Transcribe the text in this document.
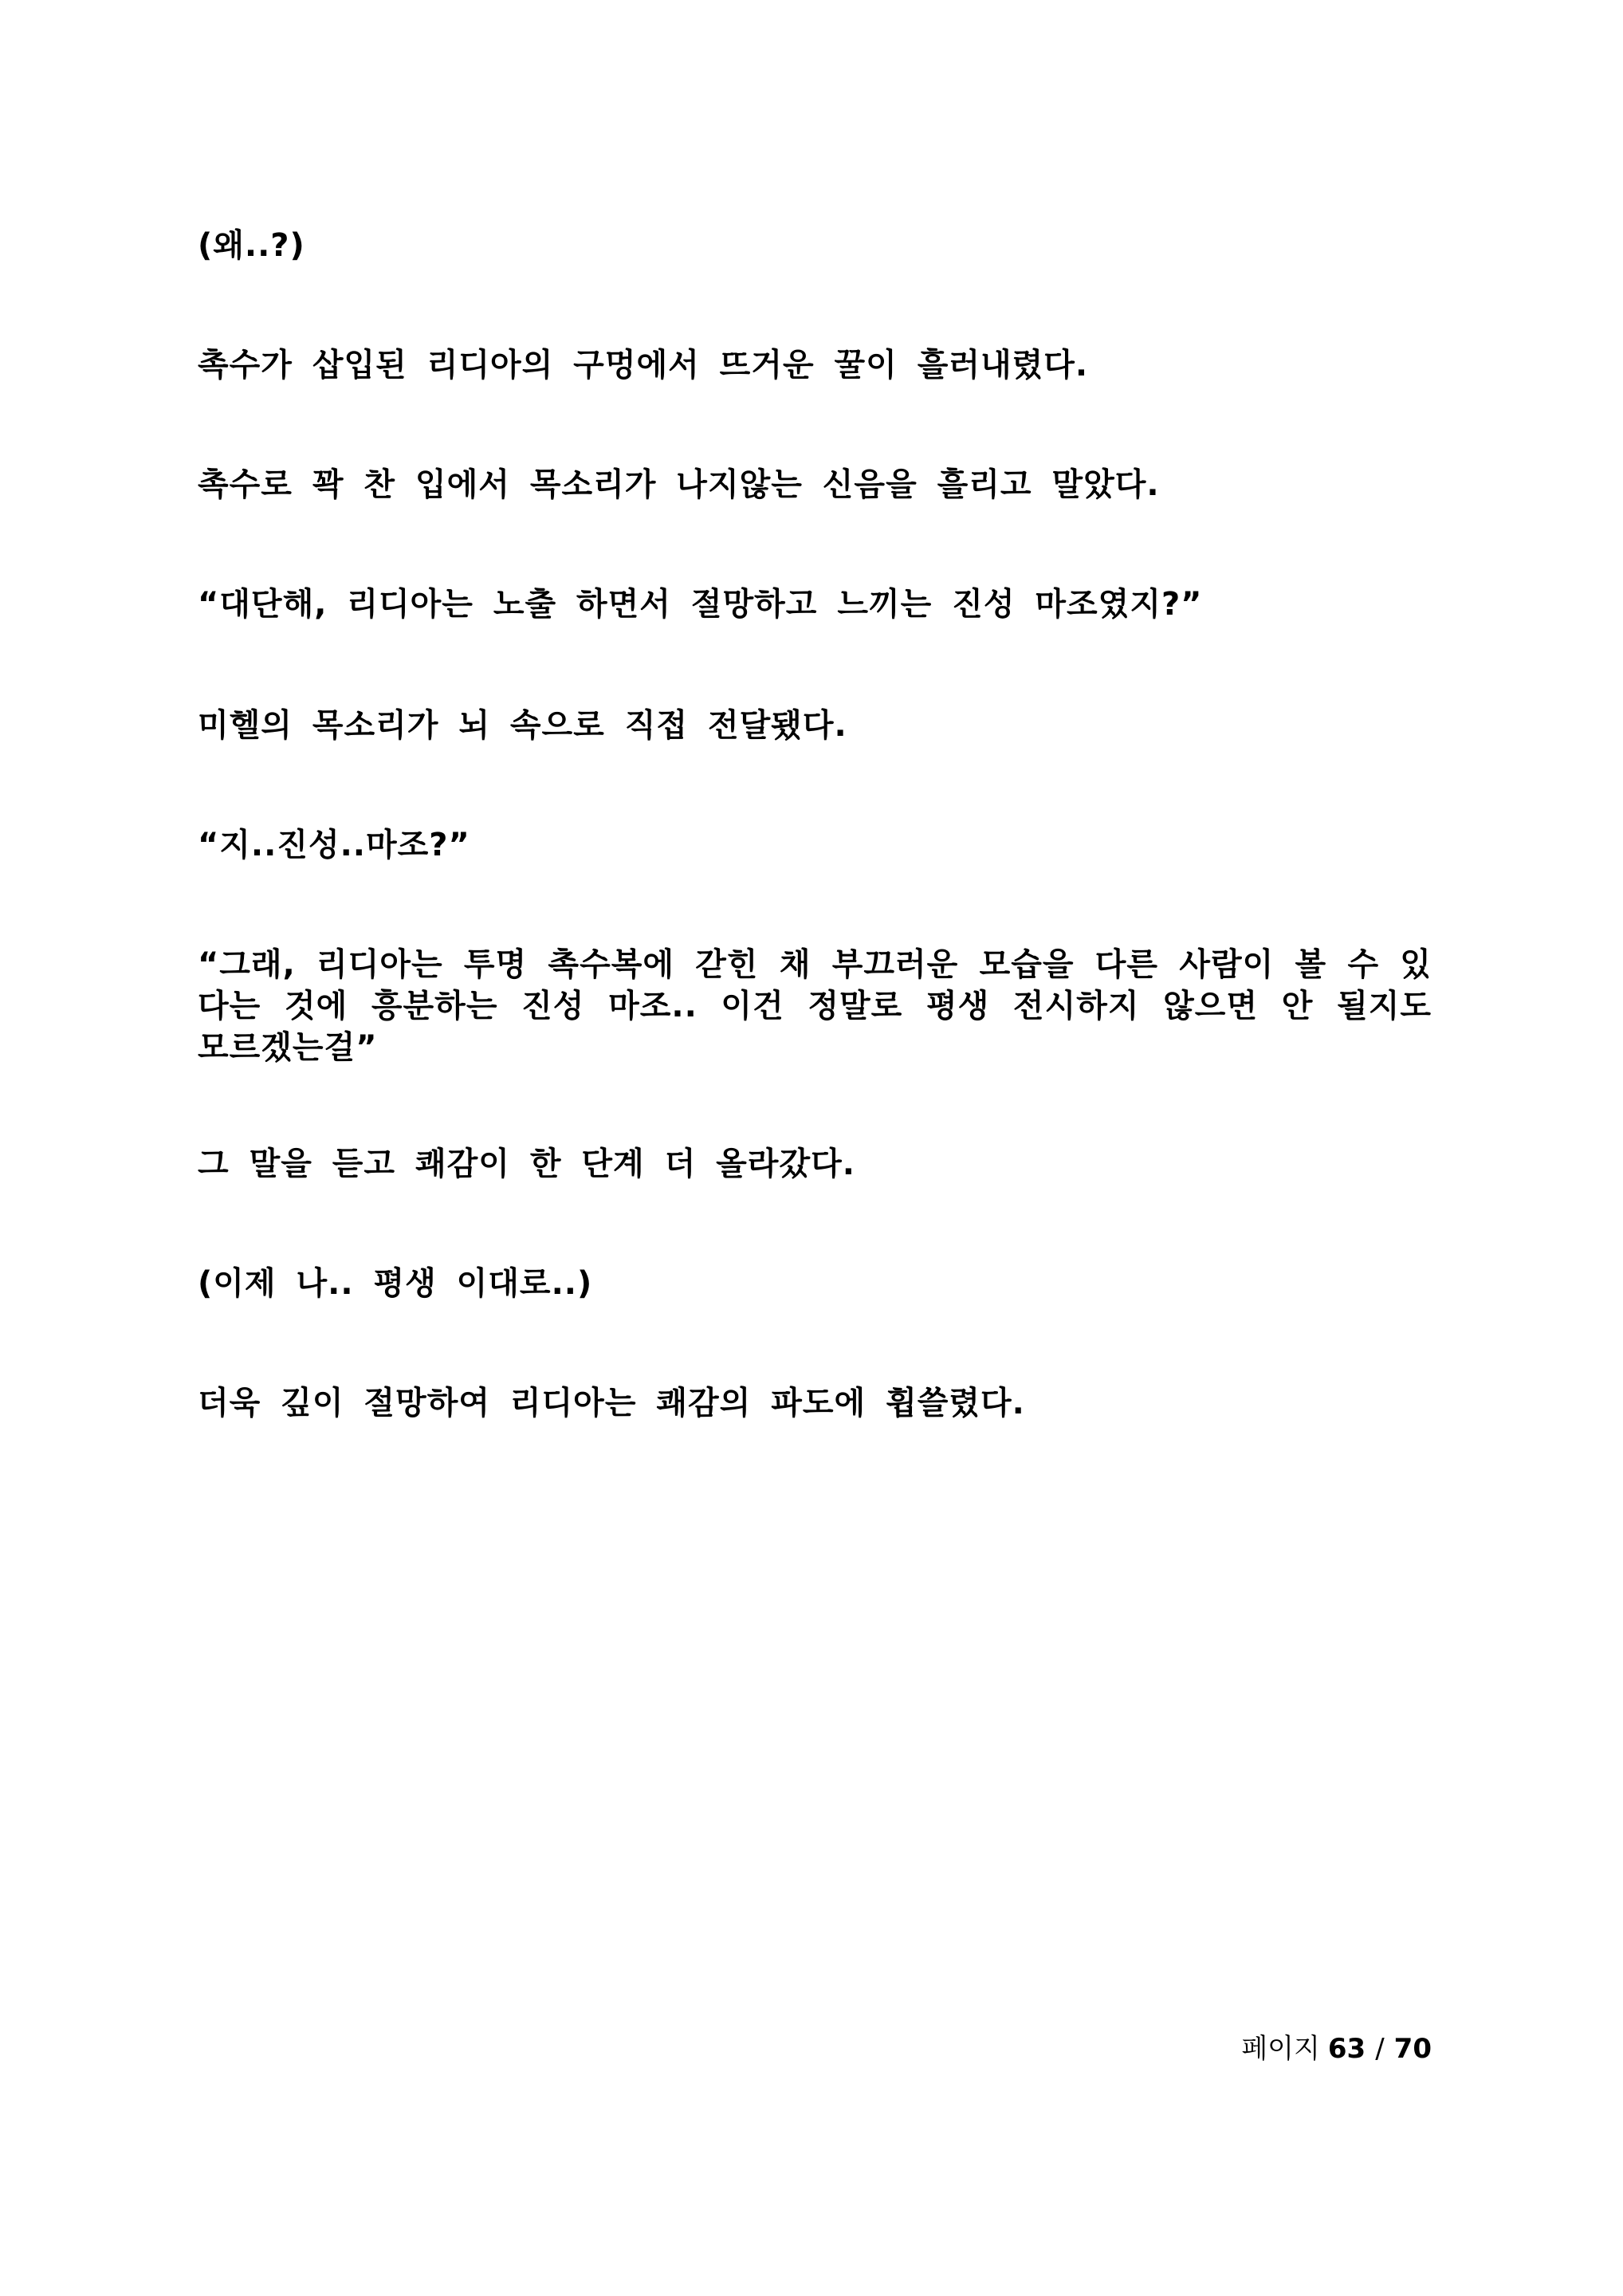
(왜..?)

촉수가 삽입된 리디아의 구멍에서 뜨거운 꿀이 흘러내렸다.

촉수로 꽉 찬 입에서 목소리가 나지않는 신음을 흘리고 말았다.

“대단해, 리디아는 노출 하면서 절망하고 느끼는 진성 마조였지?”

미헬의 목소리가 뇌 속으로 직접 전달됐다.

“지..진성..마조?”

“그래, 리디아는 투명 촉수복에 갇힌 채 부끄러운 모습을 다른 사람이 볼 수 있다는 것에 흥분하는 진성 마조.. 이건 정말로 평생 전시하지 않으면 안 될지도 모르겠는걸”

그 말을 듣고 쾌감이 한 단계 더 올라갔다.

(이제 나.. 평생 이대로..)

더욱 깊이 절망하여 리디아는 쾌감의 파도에 휩쓸렸다.

페이지 63 / 70
